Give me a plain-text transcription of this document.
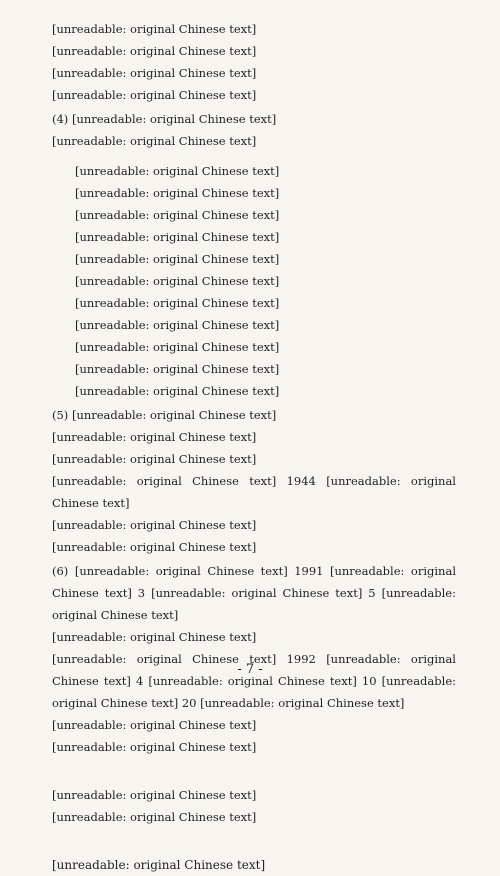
[unreadable: original Chinese text]
[unreadable: original Chinese text]
[unreadable: original Chinese text]
[unreadable: original Chinese text]

(4) [unreadable: original Chinese text]
[unreadable: original Chinese text]

[unreadable: original Chinese text]
[unreadable: original Chinese text]
[unreadable: original Chinese text]
[unreadable: original Chinese text]
[unreadable: original Chinese text]
[unreadable: original Chinese text]
[unreadable: original Chinese text]
[unreadable: original Chinese text]
[unreadable: original Chinese text]
[unreadable: original Chinese text]
[unreadable: original Chinese text]

(5) [unreadable: original Chinese text]
[unreadable: original Chinese text]
[unreadable: original Chinese text]
[unreadable: original Chinese text] 1944 [unreadable: original Chinese text]
[unreadable: original Chinese text]
[unreadable: original Chinese text]

(6) [unreadable: original Chinese text] 1991 [unreadable: original Chinese text] 3 [unreadable: original Chinese text] 5 [unreadable: original Chinese text]
[unreadable: original Chinese text]
[unreadable: original Chinese text] 1992 [unreadable: original Chinese text] 4 [unreadable: original Chinese text] 10 [unreadable: original Chinese text] 20 [unreadable: original Chinese text]
[unreadable: original Chinese text]
[unreadable: original Chinese text]

[unreadable: original Chinese text]
[unreadable: original Chinese text]

[unreadable: original Chinese text]

- 7 -
